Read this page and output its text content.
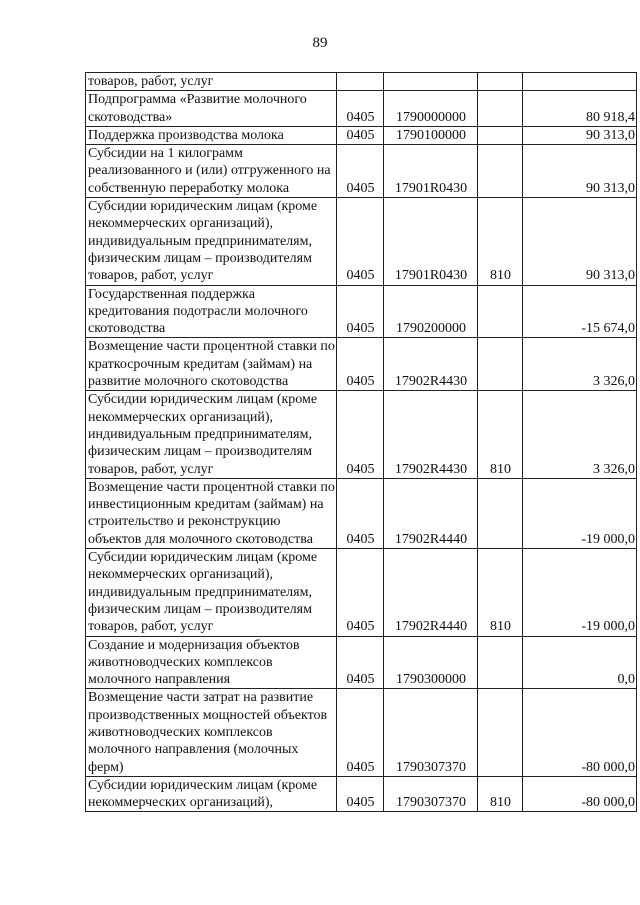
89
товаров, работ, услуг				
Подпрограмма «Развитие молочного скотоводства»	0405	1790000000		80 918,4
Поддержка производства молока	0405	1790100000		90 313,0
Субсидии на 1 килограмм реализованного и (или) отгруженного на собственную переработку молока	0405	17901R0430		90 313,0
Субсидии юридическим лицам (кроме некоммерческих организаций), индивидуальным предпринимателям, физическим лицам – производителям товаров, работ, услуг	0405	17901R0430	810	90 313,0
Государственная поддержка кредитования подотрасли молочного скотоводства	0405	1790200000		-15 674,0
Возмещение части процентной ставки по краткосрочным кредитам (займам) на развитие молочного скотоводства	0405	17902R4430		3 326,0
Субсидии юридическим лицам (кроме некоммерческих организаций), индивидуальным предпринимателям, физическим лицам – производителям товаров, работ, услуг	0405	17902R4430	810	3 326,0
Возмещение части процентной ставки по инвестиционным кредитам (займам) на строительство и реконструкцию объектов для молочного скотоводства	0405	17902R4440		-19 000,0
Субсидии юридическим лицам (кроме некоммерческих организаций), индивидуальным предпринимателям, физическим лицам – производителям товаров, работ, услуг	0405	17902R4440	810	-19 000,0
Создание и модернизация объектов животноводческих комплексов молочного направления	0405	1790300000		0,0
Возмещение части затрат на развитие производственных мощностей объектов животноводческих комплексов молочного направления (молочных ферм)	0405	1790307370		-80 000,0
Субсидии юридическим лицам (кроме некоммерческих организаций),	0405	1790307370	810	-80 000,0
